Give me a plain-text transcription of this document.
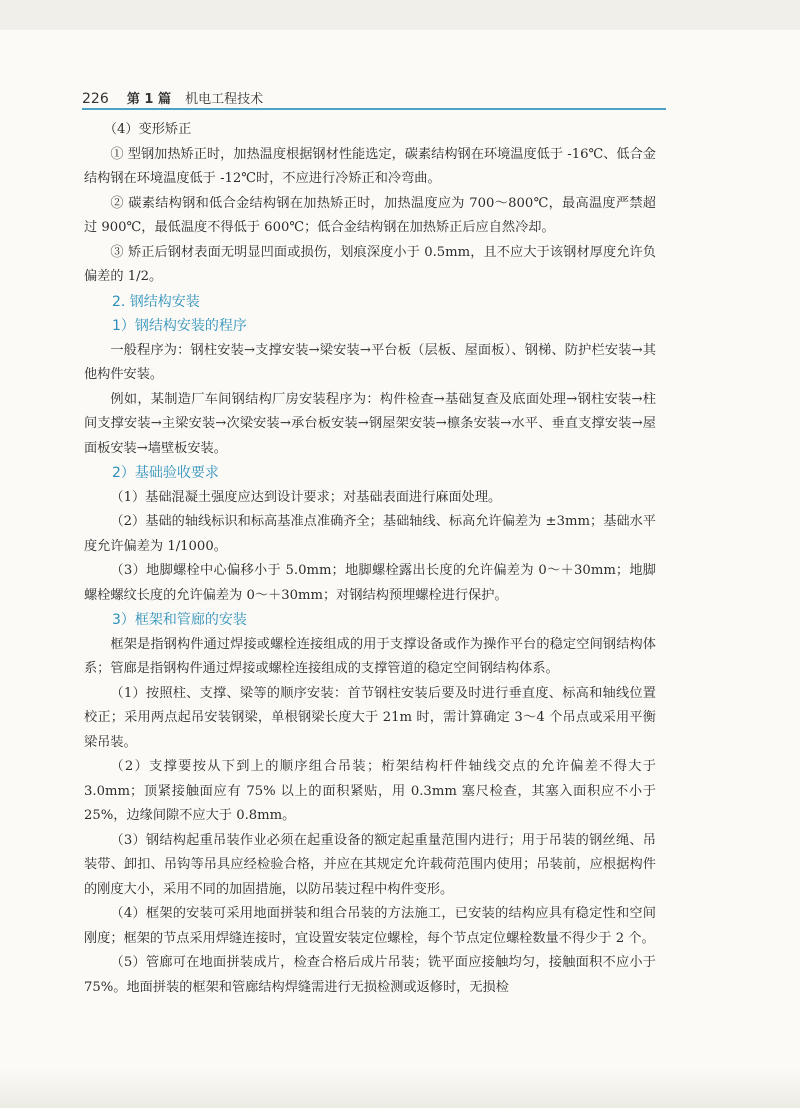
226 第 1 篇 机电工程技术

（4）变形矫正

① 型钢加热矫正时，加热温度根据钢材性能选定，碳素结构钢在环境温度低于 -16℃、低合金结构钢在环境温度低于 -12℃时，不应进行冷矫正和冷弯曲。

② 碳素结构钢和低合金结构钢在加热矫正时，加热温度应为 700～800℃，最高温度严禁超过 900℃，最低温度不得低于 600℃；低合金结构钢在加热矫正后应自然冷却。

③ 矫正后钢材表面无明显凹面或损伤，划痕深度小于 0.5mm，且不应大于该钢材厚度允许负偏差的 1/2。

2. 钢结构安装
1）钢结构安装的程序

一般程序为：钢柱安装→支撑安装→梁安装→平台板（层板、屋面板）、钢梯、防护栏安装→其他构件安装。

例如，某制造厂车间钢结构厂房安装程序为：构件检查→基础复查及底面处理→钢柱安装→柱间支撑安装→主梁安装→次梁安装→承台板安装→钢屋架安装→檩条安装→水平、垂直支撑安装→屋面板安装→墙壁板安装。

2）基础验收要求

（1）基础混凝土强度应达到设计要求；对基础表面进行麻面处理。

（2）基础的轴线标识和标高基准点准确齐全；基础轴线、标高允许偏差为 ±3mm；基础水平度允许偏差为 1/1000。

（3）地脚螺栓中心偏移小于 5.0mm；地脚螺栓露出长度的允许偏差为 0～＋30mm；地脚螺栓螺纹长度的允许偏差为 0～＋30mm；对钢结构预埋螺栓进行保护。

3）框架和管廊的安装

框架是指钢构件通过焊接或螺栓连接组成的用于支撑设备或作为操作平台的稳定空间钢结构体系；管廊是指钢构件通过焊接或螺栓连接组成的支撑管道的稳定空间钢结构体系。

（1）按照柱、支撑、梁等的顺序安装：首节钢柱安装后要及时进行垂直度、标高和轴线位置校正；采用两点起吊安装钢梁，单根钢梁长度大于 21m 时，需计算确定 3～4 个吊点或采用平衡梁吊装。

（2）支撑要按从下到上的顺序组合吊装；桁架结构杆件轴线交点的允许偏差不得大于 3.0mm；顶紧接触面应有 75% 以上的面积紧贴，用 0.3mm 塞尺检查，其塞入面积应不小于 25%，边缘间隙不应大于 0.8mm。

（3）钢结构起重吊装作业必须在起重设备的额定起重量范围内进行；用于吊装的钢丝绳、吊装带、卸扣、吊钩等吊具应经检验合格，并应在其规定允许载荷范围内使用；吊装前，应根据构件的刚度大小，采用不同的加固措施，以防吊装过程中构件变形。

（4）框架的安装可采用地面拼装和组合吊装的方法施工，已安装的结构应具有稳定性和空间刚度；框架的节点采用焊缝连接时，宜设置安装定位螺栓，每个节点定位螺栓数量不得少于 2 个。

（5）管廊可在地面拼装成片，检查合格后成片吊装；铣平面应接触均匀，接触面积不应小于 75%。地面拼装的框架和管廊结构焊缝需进行无损检测或返修时，无损检
